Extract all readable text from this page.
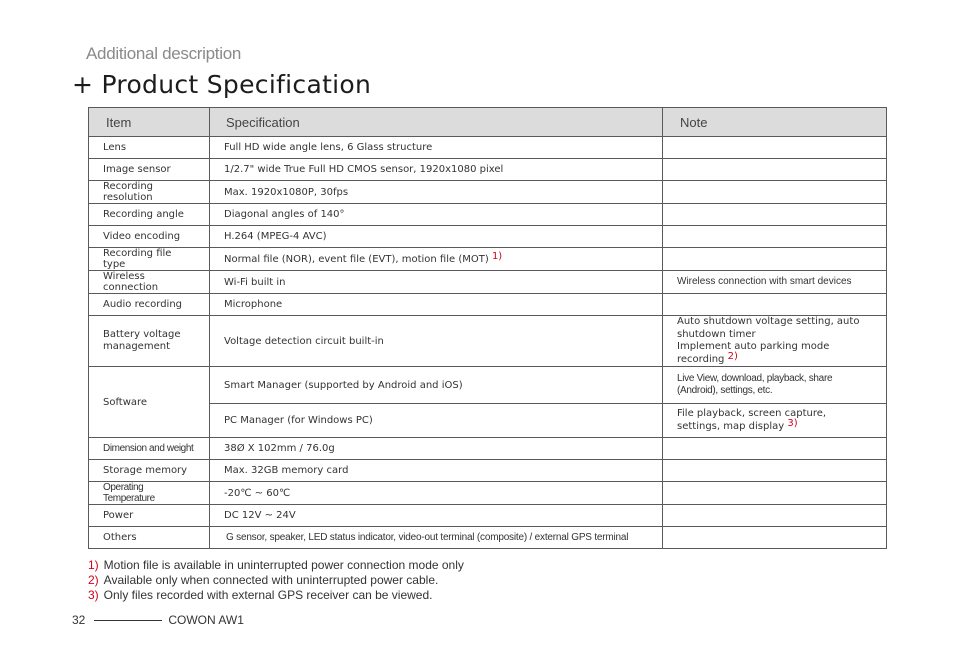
Additional description
+ Product Specification
Item	Specification	Note
Lens	Full HD wide angle lens, 6 Glass structure	
Image sensor	1/2.7" wide True Full HD CMOS sensor, 1920x1080 pixel	
Recording resolution	Max. 1920x1080P, 30fps	
Recording angle	Diagonal angles of 140°	
Video encoding	H.264 (MPEG-4 AVC)	
Recording file type	Normal file (NOR), event file (EVT), motion file (MOT) 1)	
Wireless connection	Wi-Fi built in	Wireless connection with smart devices
Audio recording	Microphone	
Battery voltage management	Voltage detection circuit built-in	Auto shutdown voltage setting, auto shutdown timer
Implement auto parking mode recording 2)
Software	Smart Manager (supported by Android and iOS)	Live View, download, playback, share (Android), settings, etc.
	PC Manager (for Windows PC)	File playback, screen capture, settings, map display 3)
Dimension and weight	38Ø X 102mm / 76.0g	
Storage memory	Max. 32GB memory card	
Operating Temperature	-20℃ ~ 60℃	
Power	DC 12V ~ 24V	
Others	G sensor, speaker, LED status indicator, video-out terminal (composite) / external GPS terminal	
1) Motion file is available in uninterrupted power connection mode only
2) Available only when connected with uninterrupted power cable.
3) Only files recorded with external GPS receiver can be viewed.
32	COWON AW1
